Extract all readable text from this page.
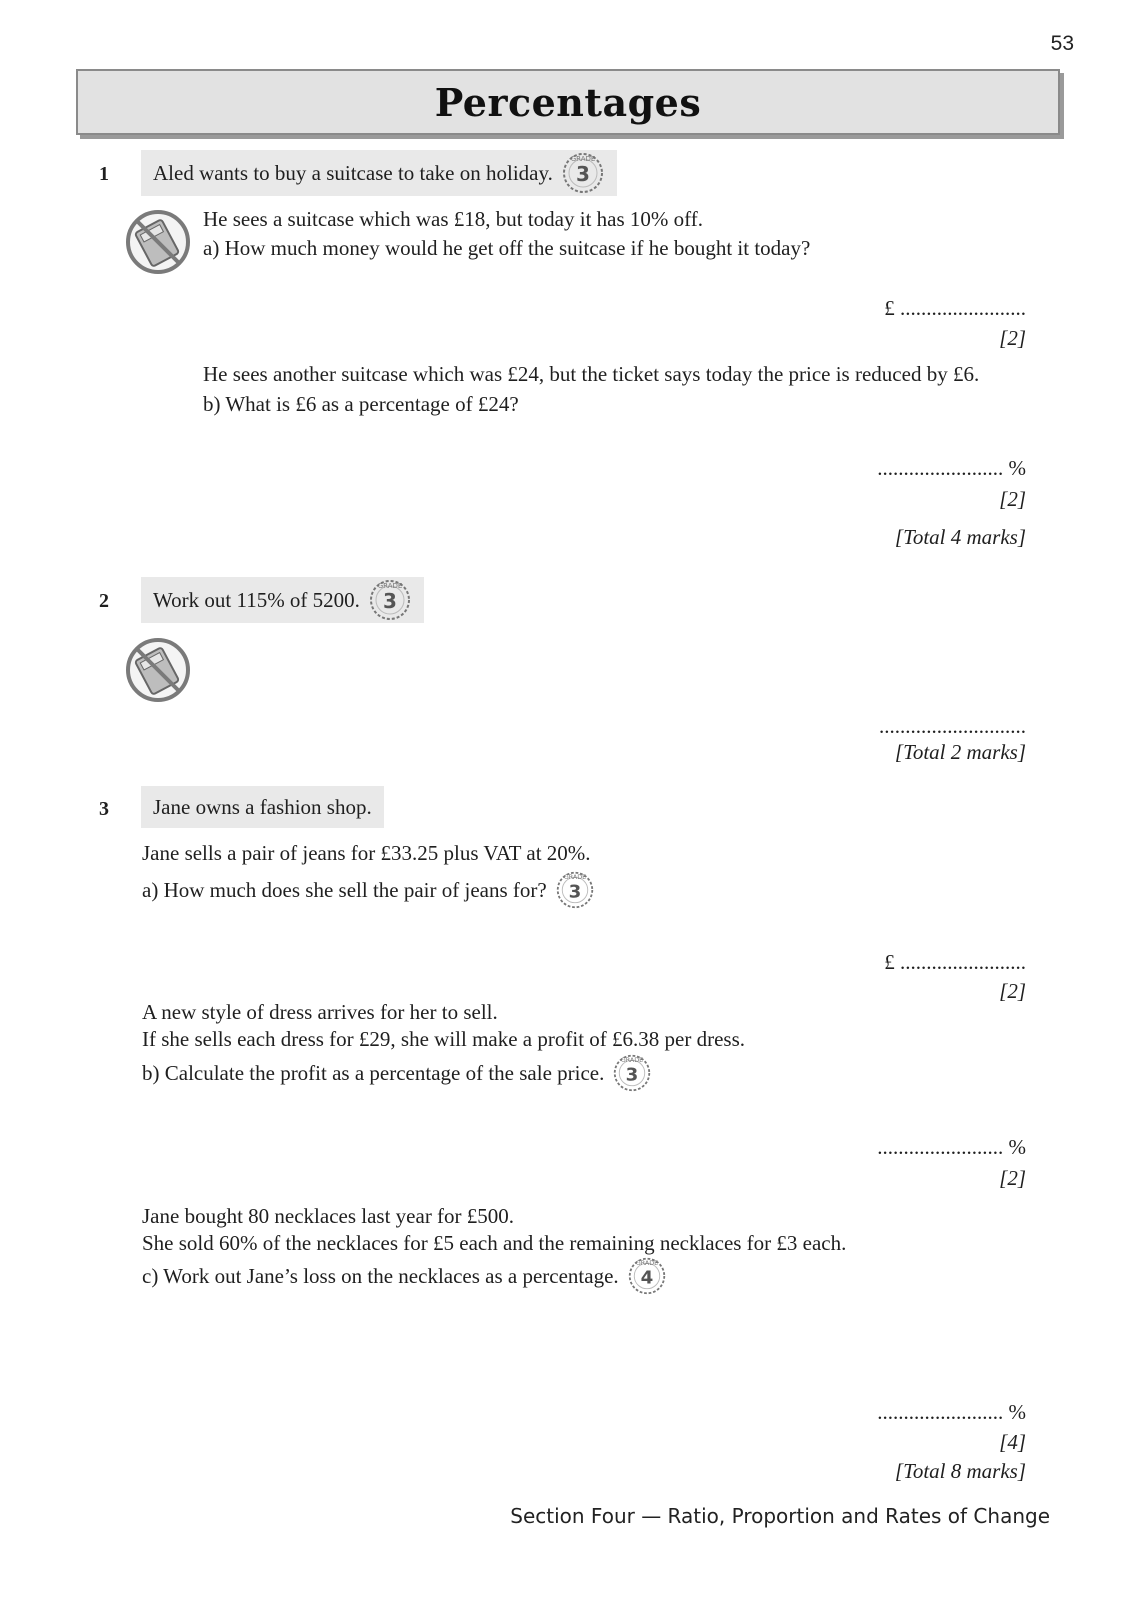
53
Percentages
1 Aled wants to buy a suitcase to take on holiday.
GRADE
3
He sees a suitcase which was £18, but today it has 10% off.
a) How much money would he get off the suitcase if he bought it today?
£ ........................
[2]
He sees another suitcase which was £24, but the ticket says today the price is reduced by £6.
b) What is £6 as a percentage of £24?
........................ %
[2]
[Total 4 marks]
2 Work out 115% of 5200.
GRADE
3
............................
[Total 2 marks]
3 Jane owns a fashion shop.
Jane sells a pair of jeans for £33.25 plus VAT at 20%.
a) How much does she sell the pair of jeans for? GRADE
3
£ ........................
[2]
A new style of dress arrives for her to sell.
If she sells each dress for £29, she will make a profit of £6.38 per dress.
b) Calculate the profit as a percentage of the sale price. GRADE
3
........................ %
[2]
Jane bought 80 necklaces last year for £500.
She sold 60% of the necklaces for £5 each and the remaining necklaces for £3 each.
c) Work out Jane’s loss on the necklaces as a percentage. GRADE
4
........................ %
[4]
[Total 8 marks]
Section Four — Ratio, Proportion and Rates of Change
